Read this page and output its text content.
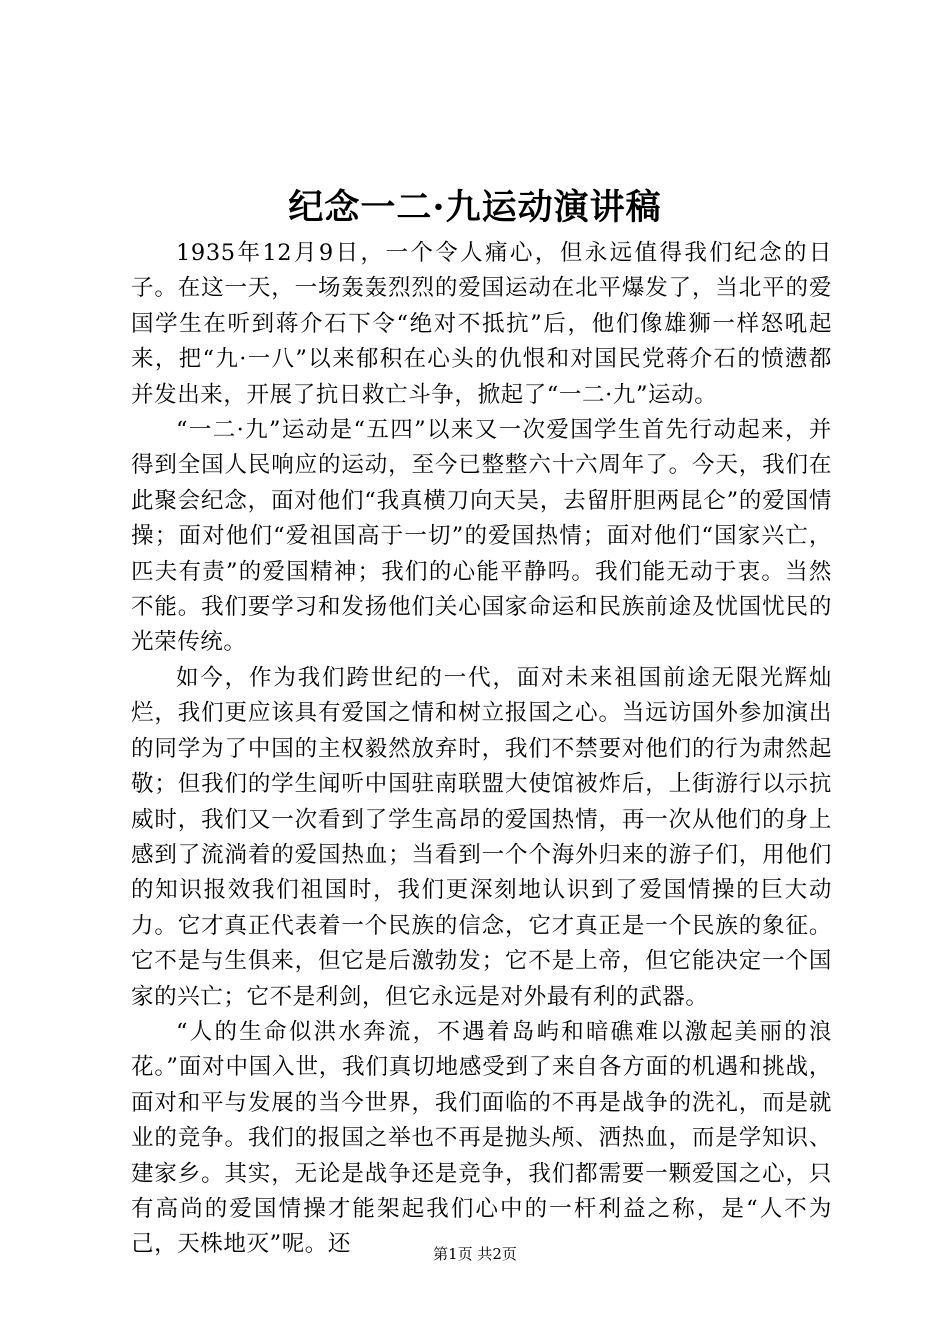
纪念一二·九运动演讲稿

1935年12月9日，一个令人痛心，但永远值得我们纪念的日子。在这一天，一场轰轰烈烈的爱国运动在北平爆发了，当北平的爱国学生在听到蒋介石下令“绝对不抵抗”后，他们像雄狮一样怒吼起来，把“九·一八”以来郁积在心头的仇恨和对国民党蒋介石的愤懑都并发出来，开展了抗日救亡斗争，掀起了“一二·九”运动。

“一二·九”运动是“五四”以来又一次爱国学生首先行动起来，并得到全国人民响应的运动，至今已整整六十六周年了。今天，我们在此聚会纪念，面对他们“我真横刀向天吴，去留肝胆两昆仑”的爱国情操；面对他们“爱祖国高于一切”的爱国热情；面对他们“国家兴亡，匹夫有责”的爱国精神；我们的心能平静吗。我们能无动于衷。当然不能。我们要学习和发扬他们关心国家命运和民族前途及忧国忧民的光荣传统。

如今，作为我们跨世纪的一代，面对未来祖国前途无限光辉灿烂，我们更应该具有爱国之情和树立报国之心。当远访国外参加演出的同学为了中国的主权毅然放弃时，我们不禁要对他们的行为肃然起敬；但我们的学生闻听中国驻南联盟大使馆被炸后，上街游行以示抗威时，我们又一次看到了学生高昂的爱国热情，再一次从他们的身上感到了流淌着的爱国热血；当看到一个个海外归来的游子们，用他们的知识报效我们祖国时，我们更深刻地认识到了爱国情操的巨大动力。它才真正代表着一个民族的信念，它才真正是一个民族的象征。它不是与生俱来，但它是后激勃发；它不是上帝，但它能决定一个国家的兴亡；它不是利剑，但它永远是对外最有利的武器。

“人的生命似洪水奔流，不遇着岛屿和暗礁难以激起美丽的浪花。”面对中国入世，我们真切地感受到了来自各方面的机遇和挑战，面对和平与发展的当今世界，我们面临的不再是战争的洗礼，而是就业的竞争。我们的报国之举也不再是抛头颅、洒热血，而是学知识、建家乡。其实，无论是战争还是竞争，我们都需要一颗爱国之心，只有高尚的爱国情操才能架起我们心中的一杆利益之称，是“人不为己，天株地灭”呢。还	第1页 共2页
